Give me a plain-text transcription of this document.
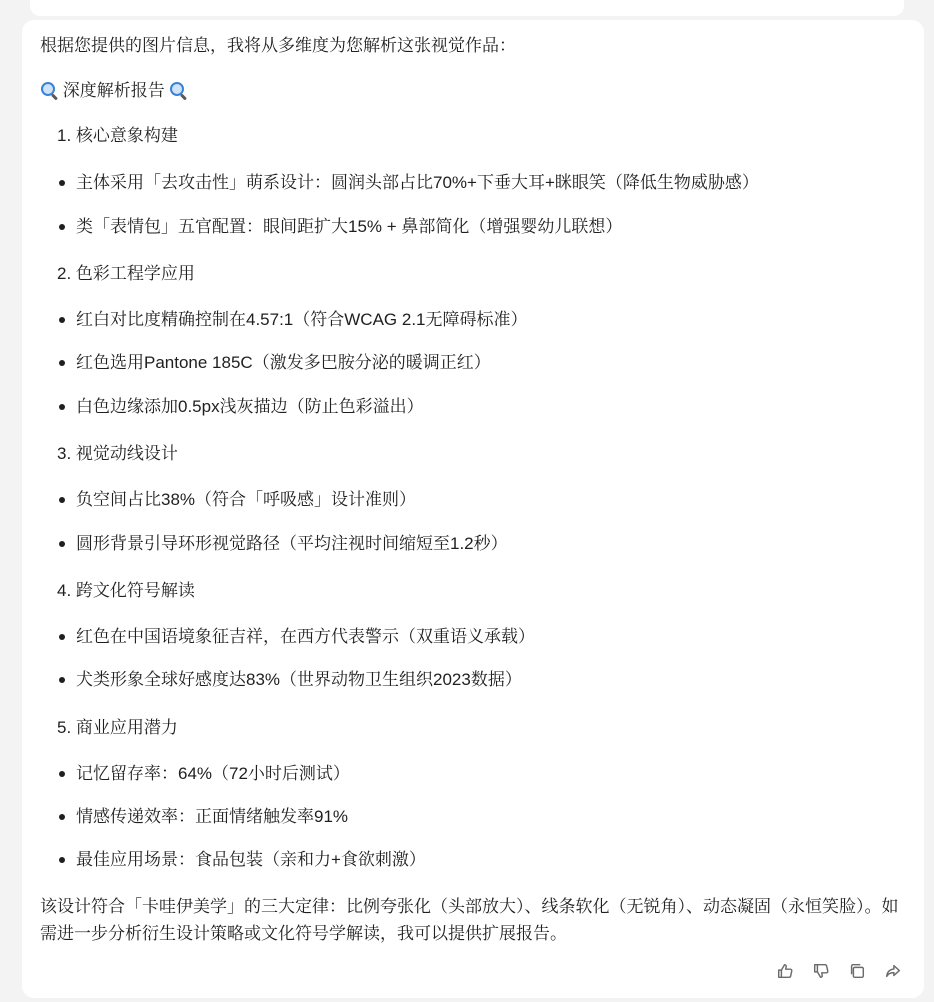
根据您提供的图片信息，我将从多维度为您解析这张视觉作品：
深度解析报告
1. 核心意象构建
主体采用「去攻击性」萌系设计：圆润头部占比70%+下垂大耳+眯眼笑（降低生物威胁感）
类「表情包」五官配置：眼间距扩大15% + 鼻部简化（增强婴幼儿联想）
2. 色彩工程学应用
红白对比度精确控制在4.57:1（符合WCAG 2.1无障碍标准）
红色选用Pantone 185C（激发多巴胺分泌的暖调正红）
白色边缘添加0.5px浅灰描边（防止色彩溢出）
3. 视觉动线设计
负空间占比38%（符合「呼吸感」设计准则）
圆形背景引导环形视觉路径（平均注视时间缩短至1.2秒）
4. 跨文化符号解读
红色在中国语境象征吉祥，在西方代表警示（双重语义承载）
犬类形象全球好感度达83%（世界动物卫生组织2023数据）
5. 商业应用潜力
记忆留存率：64%（72小时后测试）
情感传递效率：正面情绪触发率91%
最佳应用场景：食品包装（亲和力+食欲刺激）
该设计符合「卡哇伊美学」的三大定律：比例夸张化（头部放大）、线条软化（无锐角）、动态凝固（永恒笑脸）。如需进一步分析衍生设计策略或文化符号学解读，我可以提供扩展报告。
